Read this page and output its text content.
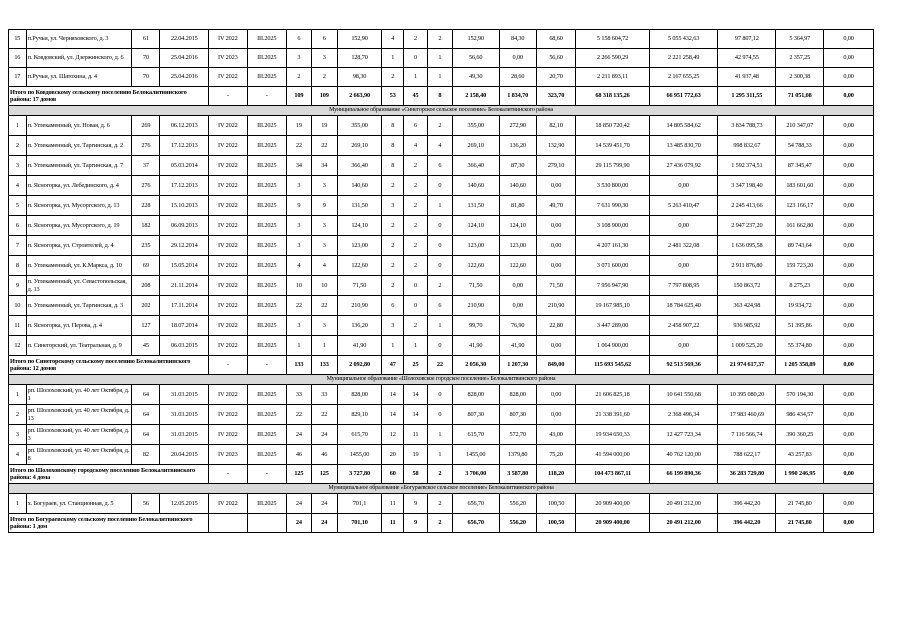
15	п.Ручьи, ул. Черняховского, д. 3	61	22.04.2015	IV 2022	III.2025	6	6	152,90	4	2	2	152,90	84,30	68,60	5 158 604,72	5 055 432,63	97 807,12	5 364,97	0,00
16	п. Ковдовский, ул. Дзержинского, д. 6	70	25.04.2016	IV 2023	III.2025	3	3	128,70	1	0	1	56,60	0,00	56,60	2 266 590,29	2 221 258,49	42 974,55	2 357,25	0,00
17	п.Ручьи, ул. Шатохина, д. 4	70	25.04.2016	IV 2022	III.2025	2	2	98,30	2	1	1	49,30	28,60	20,70	2 211 893,11	2 167 655,25	41 937,48	2 300,38	0,00
Итого по Ковдовскому сельскому поселению Белокалитвинского района: 17 домов				-	-	109	109	2 663,90	53	45	8	2 158,40	1 834,70	323,70	68 318 135,26	66 951 772,63	1 295 311,55	71 051,08	0,00
Муниципальное образование «Синегорское сельское поселение» Белокалитвинского района																			
1	п. Углекаменный, ул. Новая, д. 6	269	06.12.2013	IV 2022	III.2025	19	19	355,00	8	6	2	355,00	272,90	82,10	18 850 720,42	14 805 584,62	3 834 788,73	210 347,07	0,00
2	п. Углекаменный, ул. Таргинская, д. 2	276	17.12.2013	IV 2022	III.2025	22	22	269,10	8	4	4	269,10	136,20	132,90	14 539 451,70	13 485 830,70	998 832,67	54 788,33	0,00
3	п. Углекаменный, ул. Таргинская, д. 7	37	05.03.2014	IV 2022	III.2025	34	34	366,40	8	2	6	366,40	87,30	279,10	29 115 799,90	27 436 079,92	1 592 374,51	87 345,47	0,00
4	п. Ясногорка, ул. Лебединского, д. 4	276	17.12.2013	IV 2022	III.2025	3	3	140,60	2	2	0	140,60	140,60	0,00	3 530 800,00	0,00	3 347 198,40	183 601,60	0,00
5	п. Ясногорка, ул. Мусоргского, д. 13	228	15.10.2013	IV 2022	III.2025	9	9	131,50	3	2	1	131,50	81,80	49,70	7 631 990,30	5 263 410,47	2 245 413,66	123 166,17	0,00
6	п. Ясногорка, ул. Мусоргского, д. 19	182	06.09.2013	IV 2022	III.2025	3	3	124,10	2	2	0	124,10	124,10	0,00	3 108 900,00	0,00	2 947 237,20	161 662,80	0,00
7	п. Ясногорка, ул. Строителей, д. 4	235	29.12.2014	IV 2022	III.2025	3	3	123,00	2	2	0	123,00	123,00	0,00	4 207 161,30	2 481 322,08	1 636 095,58	89 743,64	0,00
8	п. Углекаменный, ул. К.Маркса, д. 10	69	15.05.2014	IV 2022	III.2025	4	4	122,60	2	2	0	122,60	122,60	0,00	3 071 600,00	0,00	2 911 876,80	159 723,20	0,00
9	п. Углекаменный, ул. Севастопольская, д. 13	208	21.11.2014	IV 2022	III.2025	10	10	71,50	2	0	2	71,50	0,00	71,50	7 956 947,90	7 797 808,95	150 863,72	8 275,23	0,00
10	п. Углекаменный, ул. Таргинская, д. 3	202	17.11.2014	IV 2022	III.2025	22	22	210,90	6	0	6	210,90	0,00	210,90	19 167 985,10	18 784 625,40	363 424,98	19 934,72	0,00
11	п. Ясногорка, ул. Перова, д. 4	127	18.07.2014	IV 2022	III.2025	3	3	136,20	3	2	1	99,70	76,90	22,80	3 447 289,00	2 458 907,22	936 985,92	51 395,86	0,00
12	п. Синегорский, ул. Театральная, д. 9	45	06.03.2015	IV 2022	III.2025	1	1	41,90	1	1	0	41,90	41,90	0,00	1 064 900,00	0,00	1 009 525,20	55 374,80	0,00
Итого по Синегорскому сельскому поселению Белокалитвинского района: 12 домов				-	-	133	133	2 092,80	47	25	22	2 056,30	1 207,30	849,00	115 693 545,62	92 513 569,36	21 974 617,37	1 205 358,89	0,00
Муниципальное образование «Шолоховское городское поселение» Белокалитвинского района																			
1	рп. Шолоховский, ул. 40 лет Октября, д. 1	64	31.03.2015	IV 2022	III.2025	33	33	828,00	14	14	0	828,00	828,00	0,00	21 606 825,18	10 641 550,68	10 395 080,20	570 194,30	0,00
2	рп. Шолоховский, ул. 40 лет Октября, д. 13	64	31.03.2015	IV 2022	III.2025	22	22	829,10	14	14	0	807,30	807,30	0,00	21 338 391,60	2 368 496,34	17 983 460,69	986 434,57	0,00
3	рп. Шолоховский, ул. 40 лет Октября, д. 3	64	31.03.2015	IV 2022	III.2025	24	24	615,70	12	11	1	615,70	572,70	43,00	19 934 650,33	12 427 723,34	7 116 566,74	390 360,25	0,00
4	рп. Шолоховский, ул. 40 лет Октября, д. 8	82	20.04.2015	IV 2023	III.2025	46	46	1455,00	20	19	1	1455,00	1379,80	75,20	41 594 000,00	40 762 120,00	788 622,17	43 257,83	0,00
Итого по Шолоховскому городскому поселению Белокалитвинского района: 4 дома				-	-	125	125	3 727,80	60	58	2	3 706,00	3 587,80	118,20	104 473 867,11	66 199 890,36	36 283 729,80	1 990 246,95	0,00
Муниципальное образование «Богураевское сельское поселение» Белокалитвинского района																			
1	х. Богураев, ул. Станционная, д. 5	56	12.05.2015	IV 2022	III.2025	24	24	701,1	11	9	2	656,70	556,20	100,50	20 909 400,00	20 491 212,00	396 442,20	21 745,80	0,00
Итого по Богураевскому сельскому поселению Белокалитвинского района: 1 дом						24	24	701,10	11	9	2	656,70	556,20	100,50	20 909 400,00	20 491 212,00	396 442,20	21 745,80	0,00
